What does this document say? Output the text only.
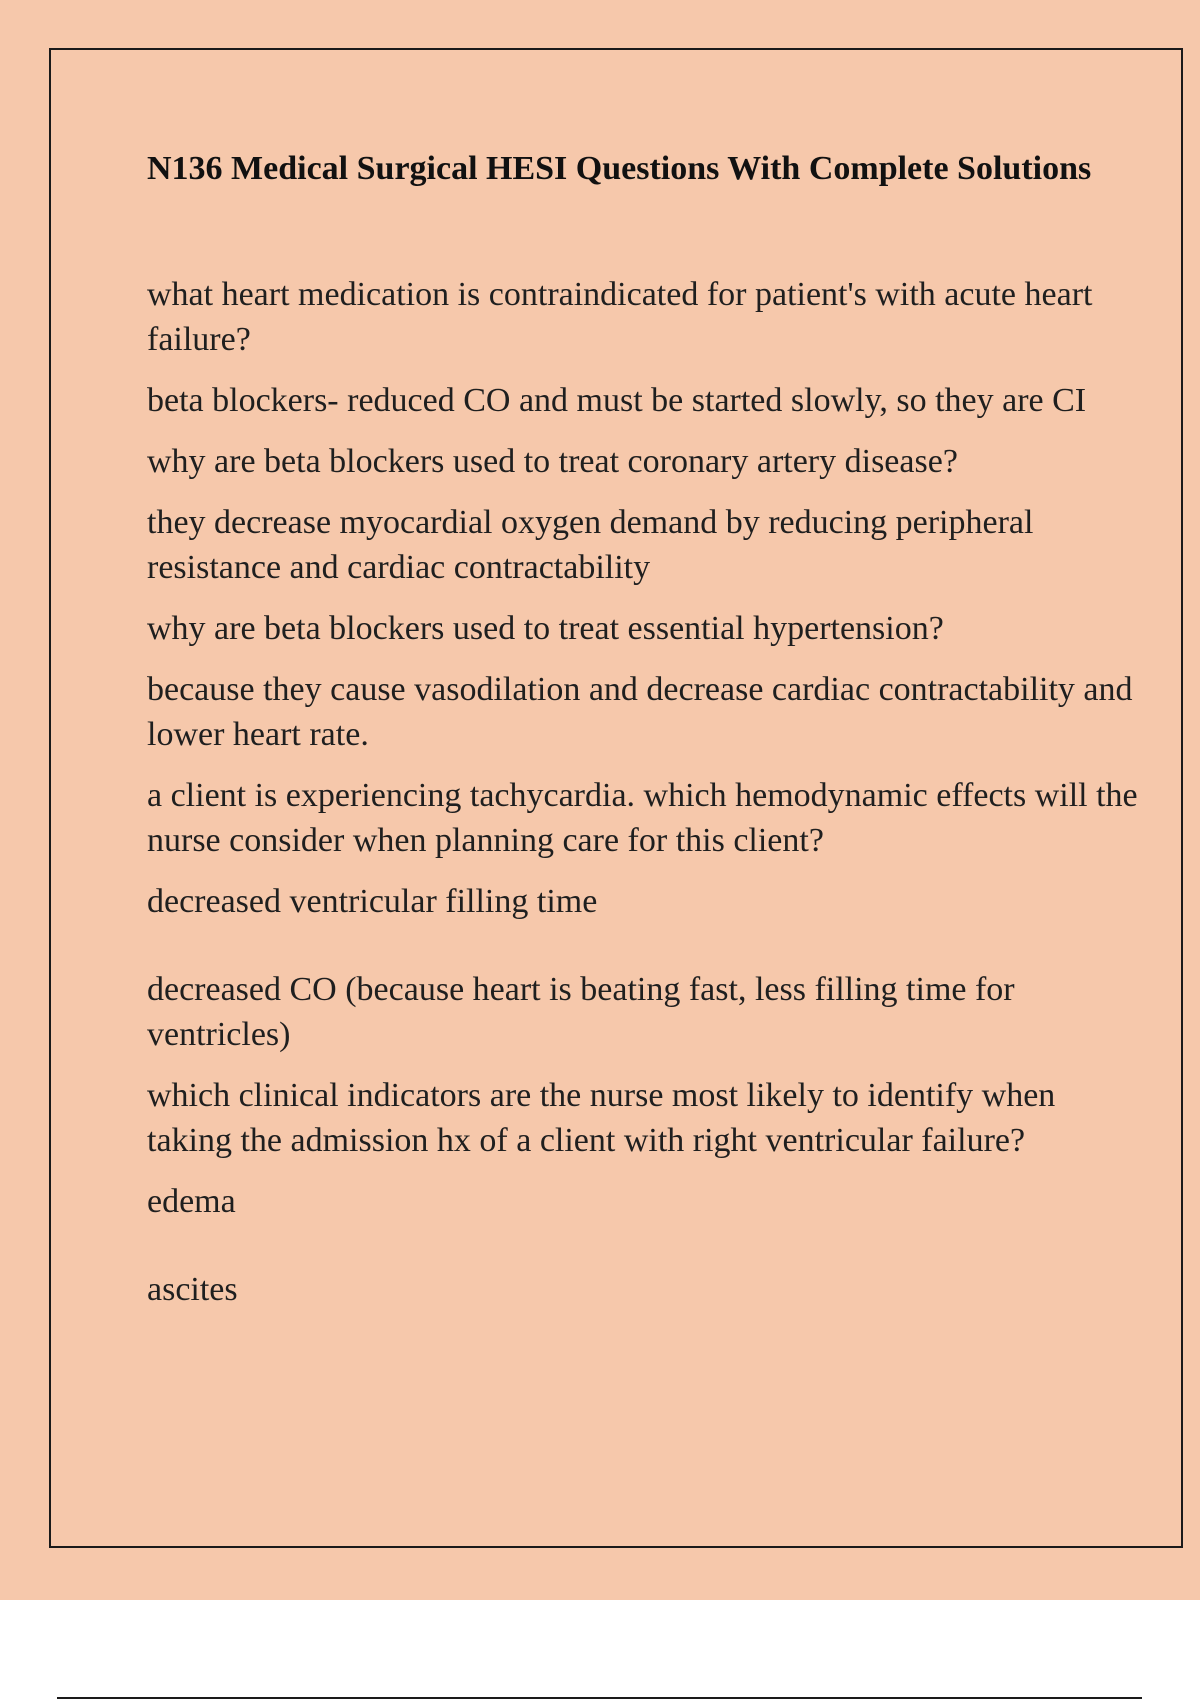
N136 Medical Surgical HESI Questions With Complete Solutions

what heart medication is contraindicated for patient's with acute heart failure?

beta blockers- reduced CO and must be started slowly, so they are CI

why are beta blockers used to treat coronary artery disease?

they decrease myocardial oxygen demand by reducing peripheral resistance and cardiac contractability

why are beta blockers used to treat essential hypertension?

because they cause vasodilation and decrease cardiac contractability and lower heart rate.

a client is experiencing tachycardia. which hemodynamic effects will the nurse consider when planning care for this client?

decreased ventricular filling time

decreased CO (because heart is beating fast, less filling time for ventricles)

which clinical indicators are the nurse most likely to identify when taking the admission hx of a client with right ventricular failure?

edema

ascites
